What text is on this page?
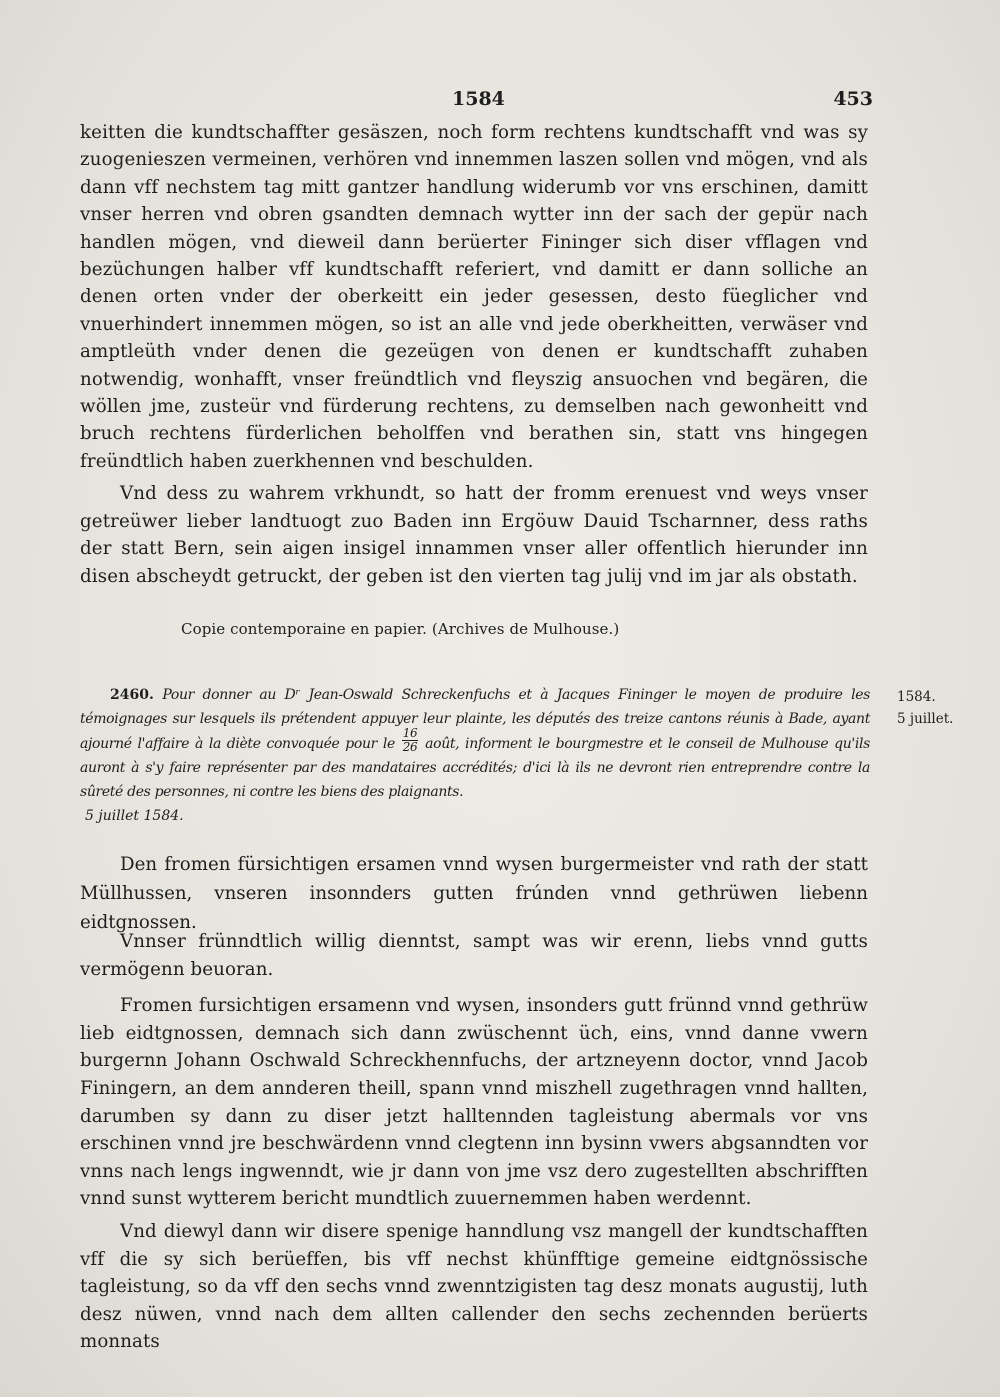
1584	453

keitten die kundtschaffter gesäszen, noch form rechtens kundtschafft vnd was sy zuogenieszen vermeinen, verhören vnd innemmen laszen sollen vnd mögen, vnd als dann vff nechstem tag mitt gantzer handlung widerumb vor vns erschinen, damitt vnser herren vnd obren gsandten demnach wytter inn der sach der gepür nach handlen mögen, vnd dieweil dann berüerter Fininger sich diser vfflagen vnd bezüchungen halber vff kundtschafft referiert, vnd damitt er dann solliche an denen orten vnder der oberkeitt ein jeder gesessen, desto füeglicher vnd vnuerhindert innemmen mögen, so ist an alle vnd jede oberkheitten, verwäser vnd amptleüth vnder denen die gezeügen von denen er kundtschafft zuhaben notwendig, wonhafft, vnser freündtlich vnd fleyszig ansuochen vnd begären, die wöllen jme, zusteür vnd fürderung rechtens, zu demselben nach gewonheitt vnd bruch rechtens fürderlichen beholffen vnd berathen sin, statt vns hingegen freündtlich haben zuerkhennen vnd beschulden.

Vnd dess zu wahrem vrkhundt, so hatt der fromm erenuest vnd weys vnser getreüwer lieber landtuogt zuo Baden inn Ergöuw Dauid Tscharnner, dess raths der statt Bern, sein aigen insigel innammen vnser aller offentlich hierunder inn disen abscheydt getruckt, der geben ist den vierten tag julij vnd im jar als obstath.

Copie contemporaine en papier. (Archives de Mulhouse.)
2460. Pour donner au Dʳ Jean-Oswald Schreckenfuchs et à Jacques Fininger le moyen de produire les témoignages sur lesquels ils prétendent appuyer leur plainte, les députés des treize cantons réunis à Bade, ayant ajourné l'affaire à la diète convoquée pour le $\frac{16}{26}$ août, informent le bourgmestre et le conseil de Mulhouse qu'ils auront à s'y faire représenter par des mandataires accrédités; d'ici là ils ne devront rien entreprendre contre la sûreté des personnes, ni contre les biens des plaignants.
5 juillet 1584.
1584.
5 juillet.

Den fromen fürsichtigen ersamen vnnd wysen burgermeister vnd rath der statt Müllhussen, vnseren insonnders gutten frúnden vnnd gethrüwen liebenn eidtgnossen.

Vnnser frünndtlich willig dienntst, sampt was wir erenn, liebs vnnd gutts vermögenn beuoran.

Fromen fursichtigen ersamenn vnd wysen, insonders gutt frünnd vnnd gethrüw lieb eidtgnossen, demnach sich dann zwüschennt üch, eins, vnnd danne vwern burgernn Johann Oschwald Schreckhennfuchs, der artzneyenn doctor, vnnd Jacob Finingern, an dem annderen theill, spann vnnd miszhell zugethragen vnnd hallten, darumben sy dann zu diser jetzt halltennden tagleistung abermals vor vns erschinen vnnd jre beschwärdenn vnnd clegtenn inn bysinn vwers abgsanndten vor vnns nach lengs ingwenndt, wie jr dann von jme vsz dero zugestellten abschrifften vnnd sunst wytterem bericht mundtlich zuuernemmen haben werdennt.

Vnd diewyl dann wir disere spenige hanndlung vsz mangell der kundtschafften vff die sy sich berüeffen, bis vff nechst khünfftige gemeine eidtgnössische tagleistung, so da vff den sechs vnnd zwenntzigisten tag desz monats augustij, luth desz nüwen, vnnd nach dem allten callender den sechs zechennden berüerts monnats
